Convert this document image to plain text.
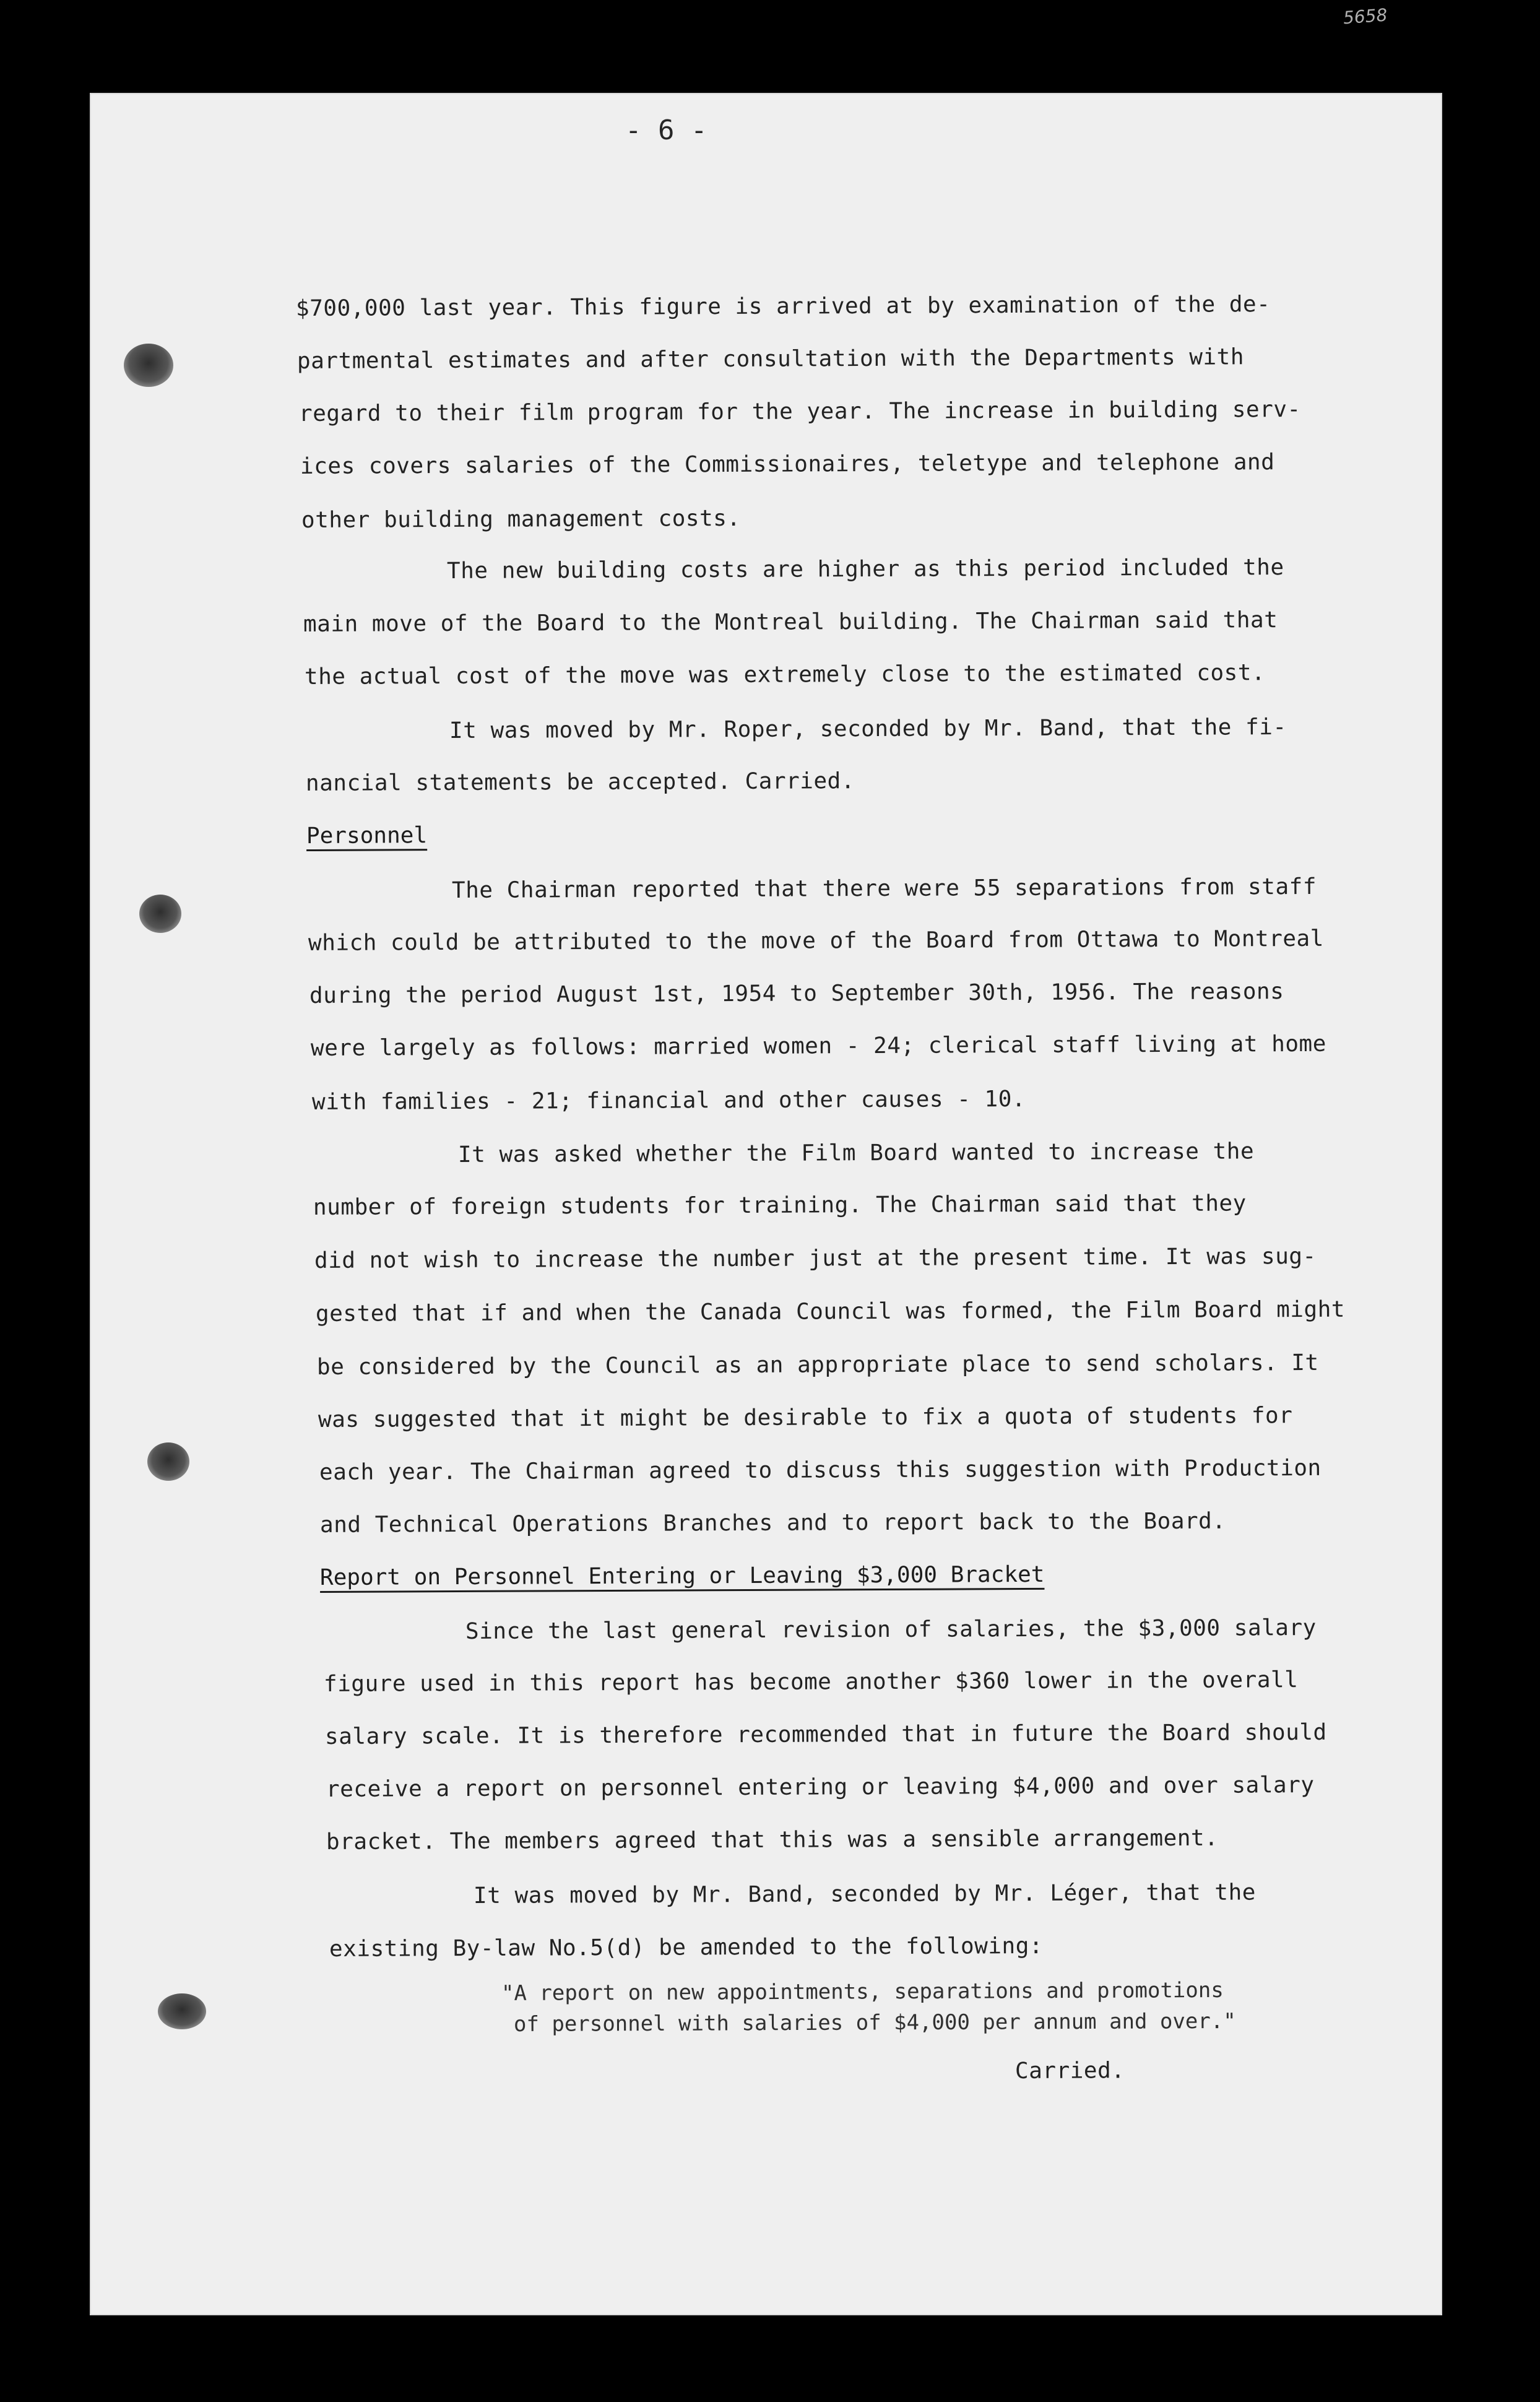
5658
- 6 -
$700,000 last year. This figure is arrived at by examination of the de-
partmental estimates and after consultation with the Departments with
regard to their film program for the year. The increase in building serv-
ices covers salaries of the Commissionaires, teletype and telephone and
other building management costs.
The new building costs are higher as this period included the
main move of the Board to the Montreal building. The Chairman said that
the actual cost of the move was extremely close to the estimated cost.
It was moved by Mr. Roper, seconded by Mr. Band, that the fi-
nancial statements be accepted. Carried.
Personnel
The Chairman reported that there were 55 separations from staff
which could be attributed to the move of the Board from Ottawa to Montreal
during the period August 1st, 1954 to September 30th, 1956. The reasons
were largely as follows: married women - 24; clerical staff living at home
with families - 21; financial and other causes - 10.
It was asked whether the Film Board wanted to increase the
number of foreign students for training. The Chairman said that they
did not wish to increase the number just at the present time. It was sug-
gested that if and when the Canada Council was formed, the Film Board might
be considered by the Council as an appropriate place to send scholars. It
was suggested that it might be desirable to fix a quota of students for
each year. The Chairman agreed to discuss this suggestion with Production
and Technical Operations Branches and to report back to the Board.
Report on Personnel Entering or Leaving $3,000 Bracket
Since the last general revision of salaries, the $3,000 salary
figure used in this report has become another $360 lower in the overall
salary scale. It is therefore recommended that in future the Board should
receive a report on personnel entering or leaving $4,000 and over salary
bracket. The members agreed that this was a sensible arrangement.
It was moved by Mr. Band, seconded by Mr. Léger, that the
existing By-law No.5(d) be amended to the following:
"A report on new appointments, separations and promotions
of personnel with salaries of $4,000 per annum and over."
Carried.
